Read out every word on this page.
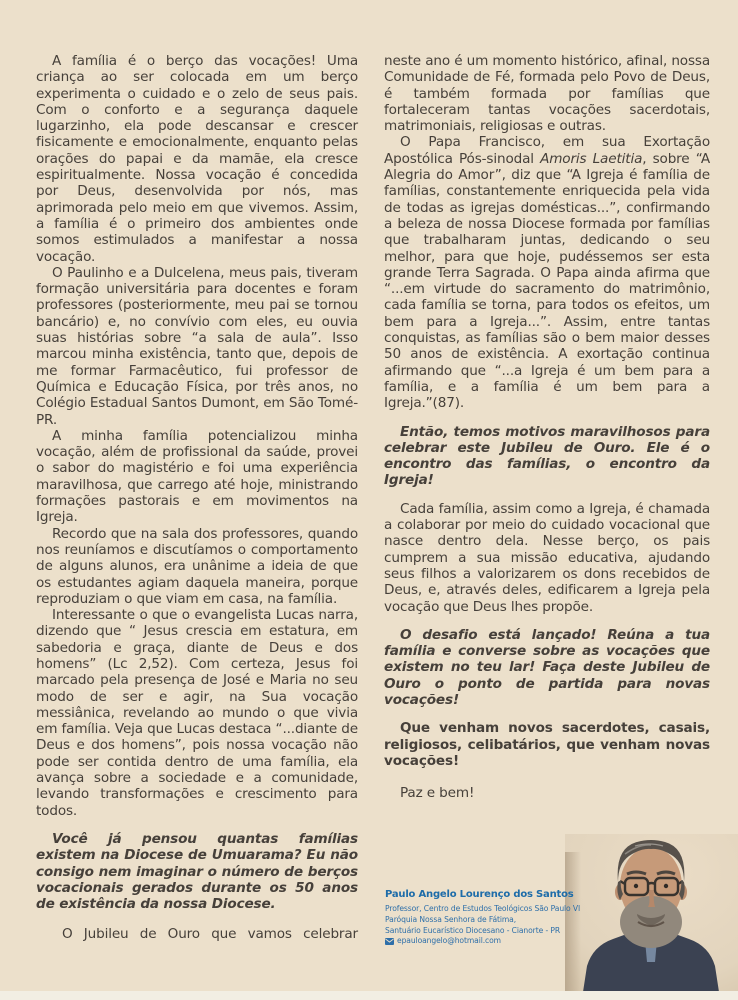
A família é o berço das vocações! Uma criança ao ser colocada em um berço experimenta o cuidado e o zelo de seus pais. Com o conforto e a segurança daquele lugarzinho, ela pode descansar e crescer fisicamente e emocionalmente, enquanto pelas orações do papai e da mamãe, ela cresce espiritualmente. Nossa vocação é concedida por Deus, desenvolvida por nós, mas aprimorada pelo meio em que vivemos. Assim, a família é o primeiro dos ambientes onde somos estimulados a manifestar a nossa vocação.

O Paulinho e a Dulcelena, meus pais, tiveram formação universitária para docentes e foram professores (posteriormente, meu pai se tornou bancário) e, no convívio com eles, eu ouvia suas histórias sobre “a sala de aula”. Isso marcou minha existência, tanto que, depois de me formar Farmacêutico, fui professor de Química e Educação Física, por três anos, no Colégio Estadual Santos Dumont, em São Tomé-PR.

A minha família potencializou minha vocação, além de profissional da saúde, provei o sabor do magistério e foi uma experiência maravilhosa, que carrego até hoje, ministrando formações pastorais e em movimentos na Igreja.

Recordo que na sala dos professores, quando nos reuníamos e discutíamos o comportamento de alguns alunos, era unânime a ideia de que os estudantes agiam daquela maneira, porque reproduziam o que viam em casa, na família.

Interessante o que o evangelista Lucas narra, dizendo que “ Jesus crescia em estatura, em sabedoria e graça, diante de Deus e dos homens” (Lc 2,52). Com certeza, Jesus foi marcado pela presença de José e Maria no seu modo de ser e agir, na Sua vocação messiânica, revelando ao mundo o que vivia em família. Veja que Lucas destaca “...diante de Deus e dos homens”, pois nossa vocação não pode ser contida dentro de uma família, ela avança sobre a sociedade e a comunidade, levando transformações e crescimento para todos.

Você já pensou quantas famílias existem na Diocese de Umuarama? Eu não consigo nem imaginar o número de berços vocacionais gerados durante os 50 anos de existência da nossa Diocese.

O Jubileu de Ouro que vamos celebrar

neste ano é um momento histórico, afinal, nossa Comunidade de Fé, formada pelo Povo de Deus, é também formada por famílias que fortaleceram tantas vocações sacerdotais, matrimoniais, religiosas e outras.

O Papa Francisco, em sua Exortação Apostólica Pós-sinodal Amoris Laetitia, sobre “A Alegria do Amor”, diz que “A Igreja é família de famílias, constantemente enriquecida pela vida de todas as igrejas domésticas...”, confirmando a beleza de nossa Diocese formada por famílias que trabalharam juntas, dedicando o seu melhor, para que hoje, pudéssemos ser esta grande Terra Sagrada. O Papa ainda afirma que “...em virtude do sacramento do matrimônio, cada família se torna, para todos os efeitos, um bem para a Igreja...”. Assim, entre tantas conquistas, as famílias são o bem maior desses 50 anos de existência. A exortação continua afirmando que “...a Igreja é um bem para a família, e a família é um bem para a Igreja.”(87).

Então, temos motivos maravilhosos para celebrar este Jubileu de Ouro. Ele é o encontro das famílias, o encontro da Igreja!

Cada família, assim como a Igreja, é chamada a colaborar por meio do cuidado vocacional que nasce dentro dela. Nesse berço, os pais cumprem a sua missão educativa, ajudando seus filhos a valorizarem os dons recebidos de Deus, e, através deles, edificarem a Igreja pela vocação que Deus lhes propõe.

O desafio está lançado! Reúna a tua família e converse sobre as vocações que existem no teu lar! Faça deste Jubileu de Ouro o ponto de partida para novas vocações!

Que venham novos sacerdotes, casais, religiosos, celibatários, que venham novas vocações!

Paz e bem!

Paulo Angelo Lourenço dos Santos
Professor, Centro de Estudos Teológicos São Paulo VI
Paróquia Nossa Senhora de Fátima,
Santuário Eucarístico Diocesano - Cianorte - PR
epauloangelo@hotmail.com
